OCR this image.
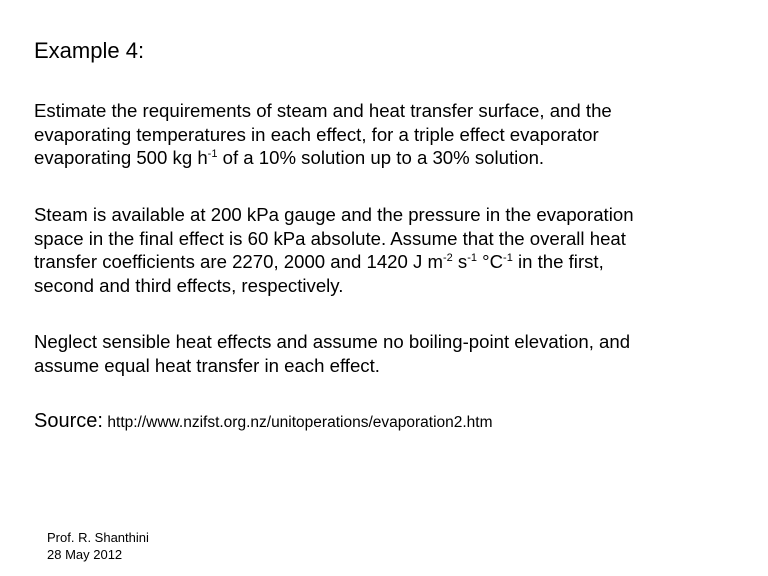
Example 4:
Estimate the requirements of steam and heat transfer surface, and the
evaporating temperatures in each effect, for a triple effect evaporator
evaporating 500 kg $h^{-1}$ of a 10% solution up to a 30% solution.
Steam is available at 200 kPa gauge and the pressure in the evaporation
space in the final effect is 60 kPa absolute. Assume that the overall heat
transfer coefficients are 2270, 2000 and 1420 J $m^{-2}$ $s^{-1}$ $^\circ C^{-1}$ in the first,
second and third effects, respectively.
Neglect sensible heat effects and assume no boiling-point elevation, and
assume equal heat transfer in each effect.
Source: http://www.nzifst.org.nz/unitoperations/evaporation2.htm
Prof. R. Shanthini
28 May 2012
